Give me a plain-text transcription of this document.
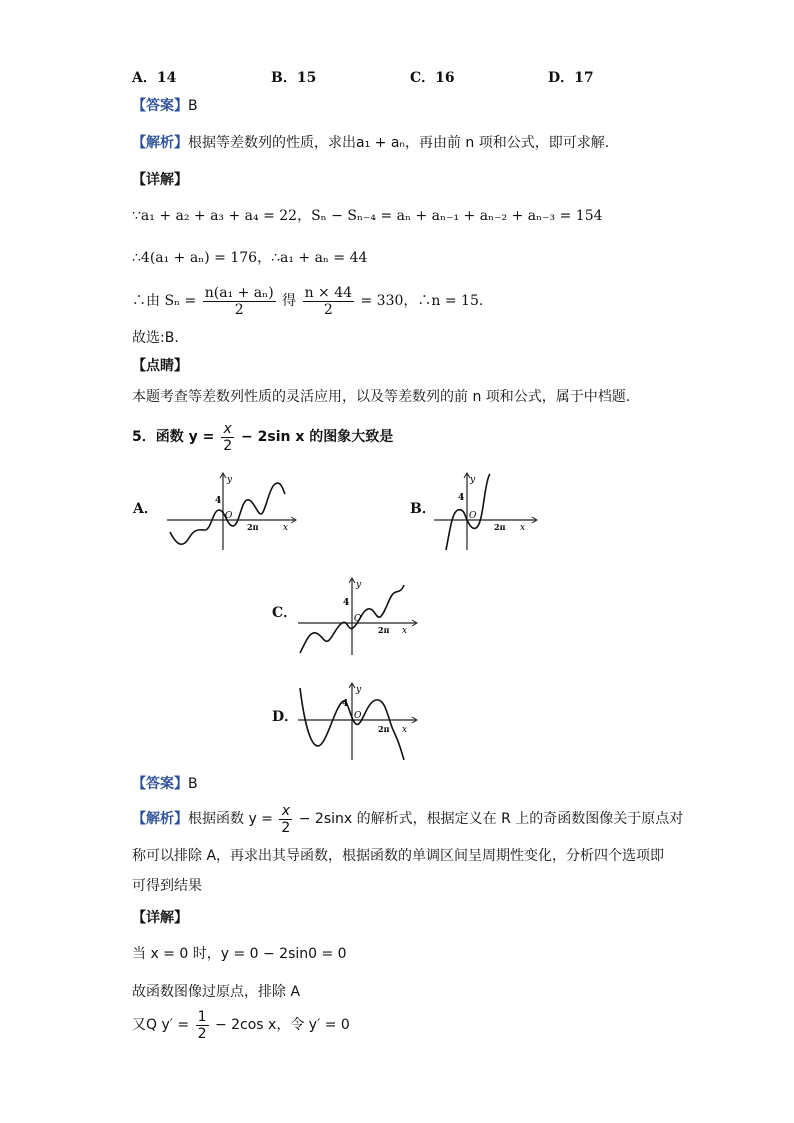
A．14	B．15	C．16	D．17
【答案】B
【解析】根据等差数列的性质，求出a₁ + aₙ，再由前 n 项和公式，即可求解.
【详解】
∵a₁ + a₂ + a₃ + a₄ = 22，Sₙ − Sₙ₋₄ = aₙ + aₙ₋₁ + aₙ₋₂ + aₙ₋₃ = 154
∴4(a₁ + aₙ) = 176，∴a₁ + aₙ = 44
∴由 $S_n = \frac{\text{n(a₁ + aₙ)}}{2}$ 得 $\frac{n \times 44}{2} = 330$，∴n = 15.
故选:B.
【点睛】
本题考查等差数列性质的灵活应用，以及等差数列的前 n 项和公式，属于中档题.
5．函数 $y = \frac{x}{2} - 2\sin$ x 的图象大致是
A．	B．
C．
D．
y
4
O
2π	x
y
4
O
2π x
y
4
O
2π x
y
4
O
2π x
【答案】B
【解析】根据函数 $y = \frac{x}{2} - 2\sin x$ 的解析式，根据定义在 R 上的奇函数图像关于原点对
称可以排除 A，再求出其导函数，根据函数的单调区间呈周期性变化，分析四个选项即
可得到结果
【详解】
当 x = 0 时，y = 0 − 2sin0 = 0
故函数图像过原点，排除 A
又Q $y' = \frac{1}{2} - 2\cos$ x，令 y′ = 0
